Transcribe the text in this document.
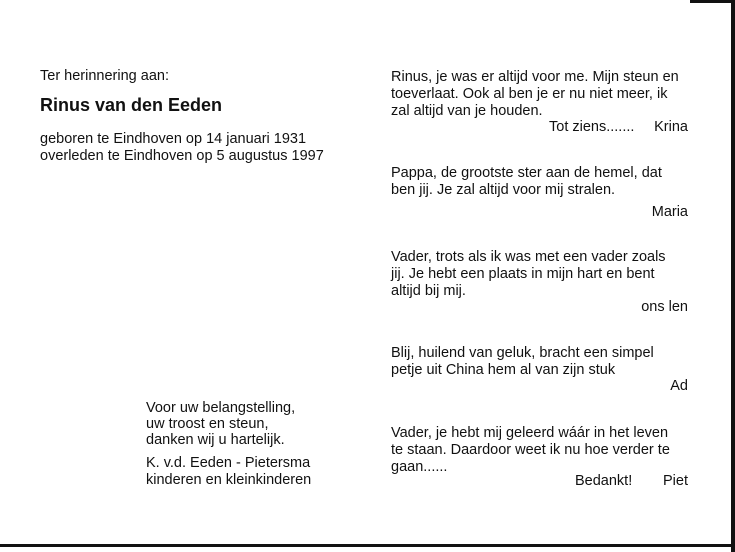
Ter herinnering aan:
Rinus van den Eeden
geboren te Eindhoven op 14 januari 1931
overleden te Eindhoven op 5 augustus 1997
Voor uw belangstelling,
uw troost en steun,
danken wij u hartelijk.
K. v.d. Eeden - Pietersma
kinderen en kleinkinderen
Rinus, je was er altijd voor me. Mijn steun en
toeverlaat. Ook al ben je er nu niet meer, ik
zal altijd van je houden.
Tot ziens....... Krina
Pappa, de grootste ster aan de hemel, dat
ben jij. Je zal altijd voor mij stralen.
Maria
Vader, trots als ik was met een vader zoals
jij. Je hebt een plaats in mijn hart en bent
altijd bij mij.
ons len
Blij, huilend van geluk, bracht een simpel
petje uit China hem al van zijn stuk
Ad
Vader, je hebt mij geleerd wáár in het leven
te staan. Daardoor weet ik nu hoe verder te
gaan......
Bedankt! Piet
